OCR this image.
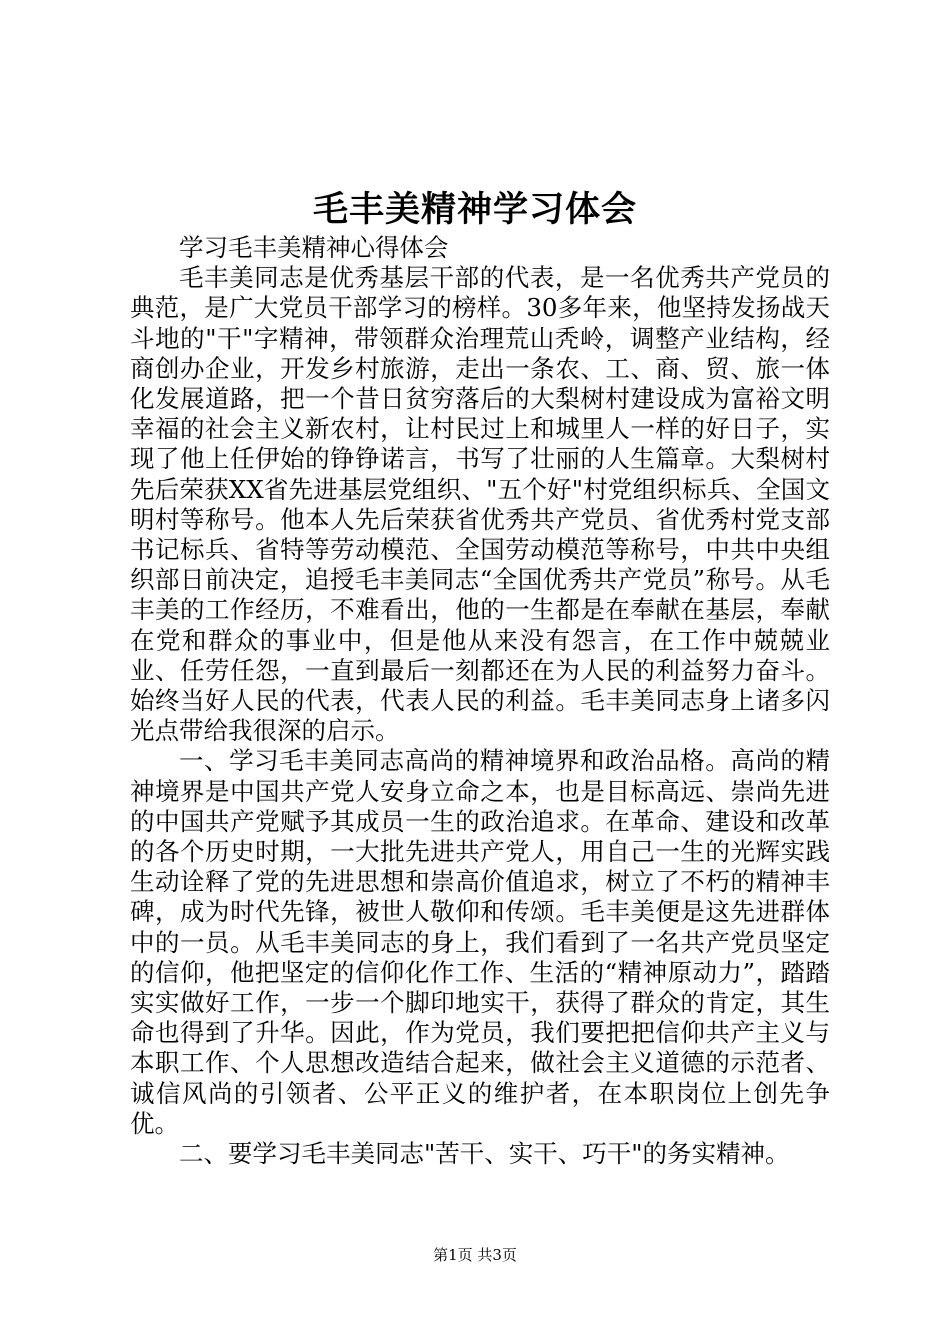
毛丰美精神学习体会

学习毛丰美精神心得体会

毛丰美同志是优秀基层干部的代表，是一名优秀共产党员的典范，是广大党员干部学习的榜样。30多年来，他坚持发扬战天斗地的"干"字精神，带领群众治理荒山秃岭，调整产业结构，经商创办企业，开发乡村旅游，走出一条农、工、商、贸、旅一体化发展道路，把一个昔日贫穷落后的大梨树村建设成为富裕文明幸福的社会主义新农村，让村民过上和城里人一样的好日子，实现了他上任伊始的铮铮诺言，书写了壮丽的人生篇章。大梨树村先后荣获XX省先进基层党组织、"五个好"村党组织标兵、全国文明村等称号。他本人先后荣获省优秀共产党员、省优秀村党支部书记标兵、省特等劳动模范、全国劳动模范等称号，中共中央组织部日前决定，追授毛丰美同志“全国优秀共产党员”称号。从毛丰美的工作经历，不难看出，他的一生都是在奉献在基层，奉献在党和群众的事业中，但是他从来没有怨言，在工作中兢兢业业、任劳任怨，一直到最后一刻都还在为人民的利益努力奋斗。始终当好人民的代表，代表人民的利益。毛丰美同志身上诸多闪光点带给我很深的启示。

一、学习毛丰美同志高尚的精神境界和政治品格。高尚的精神境界是中国共产党人安身立命之本，也是目标高远、崇尚先进的中国共产党赋予其成员一生的政治追求。在革命、建设和改革的各个历史时期，一大批先进共产党人，用自己一生的光辉实践生动诠释了党的先进思想和崇高价值追求，树立了不朽的精神丰碑，成为时代先锋，被世人敬仰和传颂。毛丰美便是这先进群体中的一员。从毛丰美同志的身上，我们看到了一名共产党员坚定的信仰，他把坚定的信仰化作工作、生活的“精神原动力”，踏踏实实做好工作，一步一个脚印地实干，获得了群众的肯定，其生命也得到了升华。因此，作为党员，我们要把把信仰共产主义与本职工作、个人思想改造结合起来，做社会主义道德的示范者、诚信风尚的引领者、公平正义的维护者，在本职岗位上创先争优。

二、要学习毛丰美同志"苦干、实干、巧干"的务实精神。

第1页 共3页
